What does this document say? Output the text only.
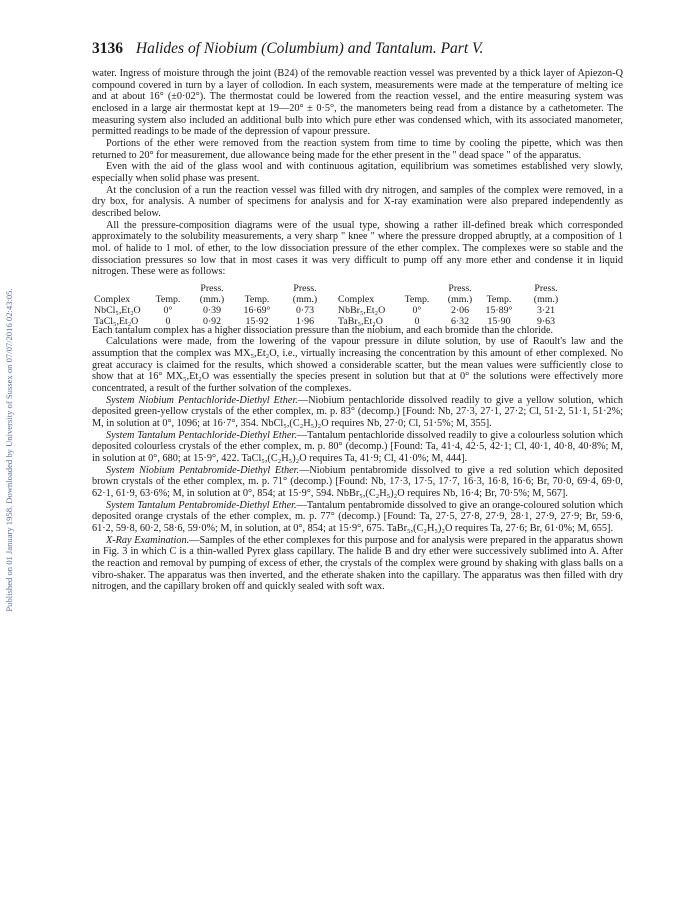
Published on 01 January 1958. Downloaded by University of Sussex on 07/07/2016 02:43:05.
3136 Halides of Niobium (Columbium) and Tantalum. Part V.

water. Ingress of moisture through the joint (B24) of the removable reaction vessel was prevented by a thick layer of Apiezon-Q compound covered in turn by a layer of collodion. In each system, measurements were made at the temperature of melting ice and at about 16° (±0·02°). The thermostat could be lowered from the reaction vessel, and the entire measuring system was enclosed in a large air thermostat kept at 19—20° ± 0·5°, the manometers being read from a distance by a cathetometer. The measuring system also included an additional bulb into which pure ether was condensed which, with its associated manometer, permitted readings to be made of the depression of vapour pressure.

Portions of the ether were removed from the reaction system from time to time by cooling the pipette, which was then returned to 20° for measurement, due allowance being made for the ether present in the " dead space " of the apparatus.

Even with the aid of the glass wool and with continuous agitation, equilibrium was sometimes established very slowly, especially when solid phase was present.

At the conclusion of a run the reaction vessel was filled with dry nitrogen, and samples of the complex were removed, in a dry box, for analysis. A number of specimens for analysis and for X-ray examination were also prepared independently as described below.

All the pressure-composition diagrams were of the usual type, showing a rather ill-defined break which corresponded approximately to the solubility measurements, a very sharp " knee " where the pressure dropped abruptly, at a composition of 1 mol. of halide to 1 mol. of ether, to the low dissociation pressure of the ether complex. The complexes were so stable and the dissociation pressures so low that in most cases it was very difficult to pump off any more ether and condense it in liquid nitrogen. These were as follows:

Press.	Press.	Press.	Press.
Complex	Temp.	(mm.)	Temp.	(mm.)	Complex	Temp.	(mm.)	Temp.	(mm.)
NbCl₅,Et₂O	0°	0·39	16·69°	0·73	NbBr₅,Et₂O	0°	2·06	15·89°	3·21
TaCl₅,Et₂O	0	0·92	15·92	1·96	TaBr₅,Et₂O	0	6·32	15·90	9·63

Each tantalum complex has a higher dissociation pressure than the niobium, and each bromide than the chloride.

Calculations were made, from the lowering of the vapour pressure in dilute solution, by use of Raoult's law and the assumption that the complex was MX₅,Et₂O, i.e., virtually increasing the concentration by this amount of ether complexed. No great accuracy is claimed for the results, which showed a considerable scatter, but the mean values were sufficiently close to show that at 16° MX₅,Et₂O was essentially the species present in solution but that at 0° the solutions were effectively more concentrated, a result of the further solvation of the complexes.

System Niobium Pentachloride-Diethyl Ether.—Niobium pentachloride dissolved readily to give a yellow solution, which deposited green-yellow crystals of the ether complex, m. p. 83° (decomp.) [Found: Nb, 27·3, 27·1, 27·2; Cl, 51·2, 51·1, 51·2%; M, in solution at 0°, 1096; at 16·7°, 354. NbCl₅,(C₂H₅)₂O requires Nb, 27·0; Cl, 51·5%; M, 355].

System Tantalum Pentachloride-Diethyl Ether.—Tantalum pentachloride dissolved readily to give a colourless solution which deposited colourless crystals of the ether complex, m. p. 80° (decomp.) [Found: Ta, 41·4, 42·5, 42·1; Cl, 40·1, 40·8, 40·8%; M, in solution at 0°, 680; at 15·9°, 422. TaCl₅,(C₂H₅)₂O requires Ta, 41·9; Cl, 41·0%; M, 444].

System Niobium Pentabromide-Diethyl Ether.—Niobium pentabromide dissolved to give a red solution which deposited brown crystals of the ether complex, m. p. 71° (decomp.) [Found: Nb, 17·3, 17·5, 17·7, 16·3, 16·8, 16·6; Br, 70·0, 69·4, 69·0, 62·1, 61·9, 63·6%; M, in solution at 0°, 854; at 15·9°, 594. NbBr₅,(C₂H₅)₂O requires Nb, 16·4; Br, 70·5%; M, 567].

System Tantalum Pentabromide-Diethyl Ether.—Tantalum pentabromide dissolved to give an orange-coloured solution which deposited orange crystals of the ether complex, m. p. 77° (decomp.) [Found: Ta, 27·5, 27·8, 27·9, 28·1, 27·9, 27·9; Br, 59·6, 61·2, 59·8, 60·2, 58·6, 59·0%; M, in solution, at 0°, 854; at 15·9°, 675. TaBr₅,(C₂H₅)₂O requires Ta, 27·6; Br, 61·0%; M, 655].

X-Ray Examination.—Samples of the ether complexes for this purpose and for analysis were prepared in the apparatus shown in Fig. 3 in which C is a thin-walled Pyrex glass capillary. The halide B and dry ether were successively sublimed into A. After the reaction and removal by pumping of excess of ether, the crystals of the complex were ground by shaking with glass balls on a vibro-shaker. The apparatus was then inverted, and the etherate shaken into the capillary. The apparatus was then filled with dry nitrogen, and the capillary broken off and quickly sealed with soft wax.
